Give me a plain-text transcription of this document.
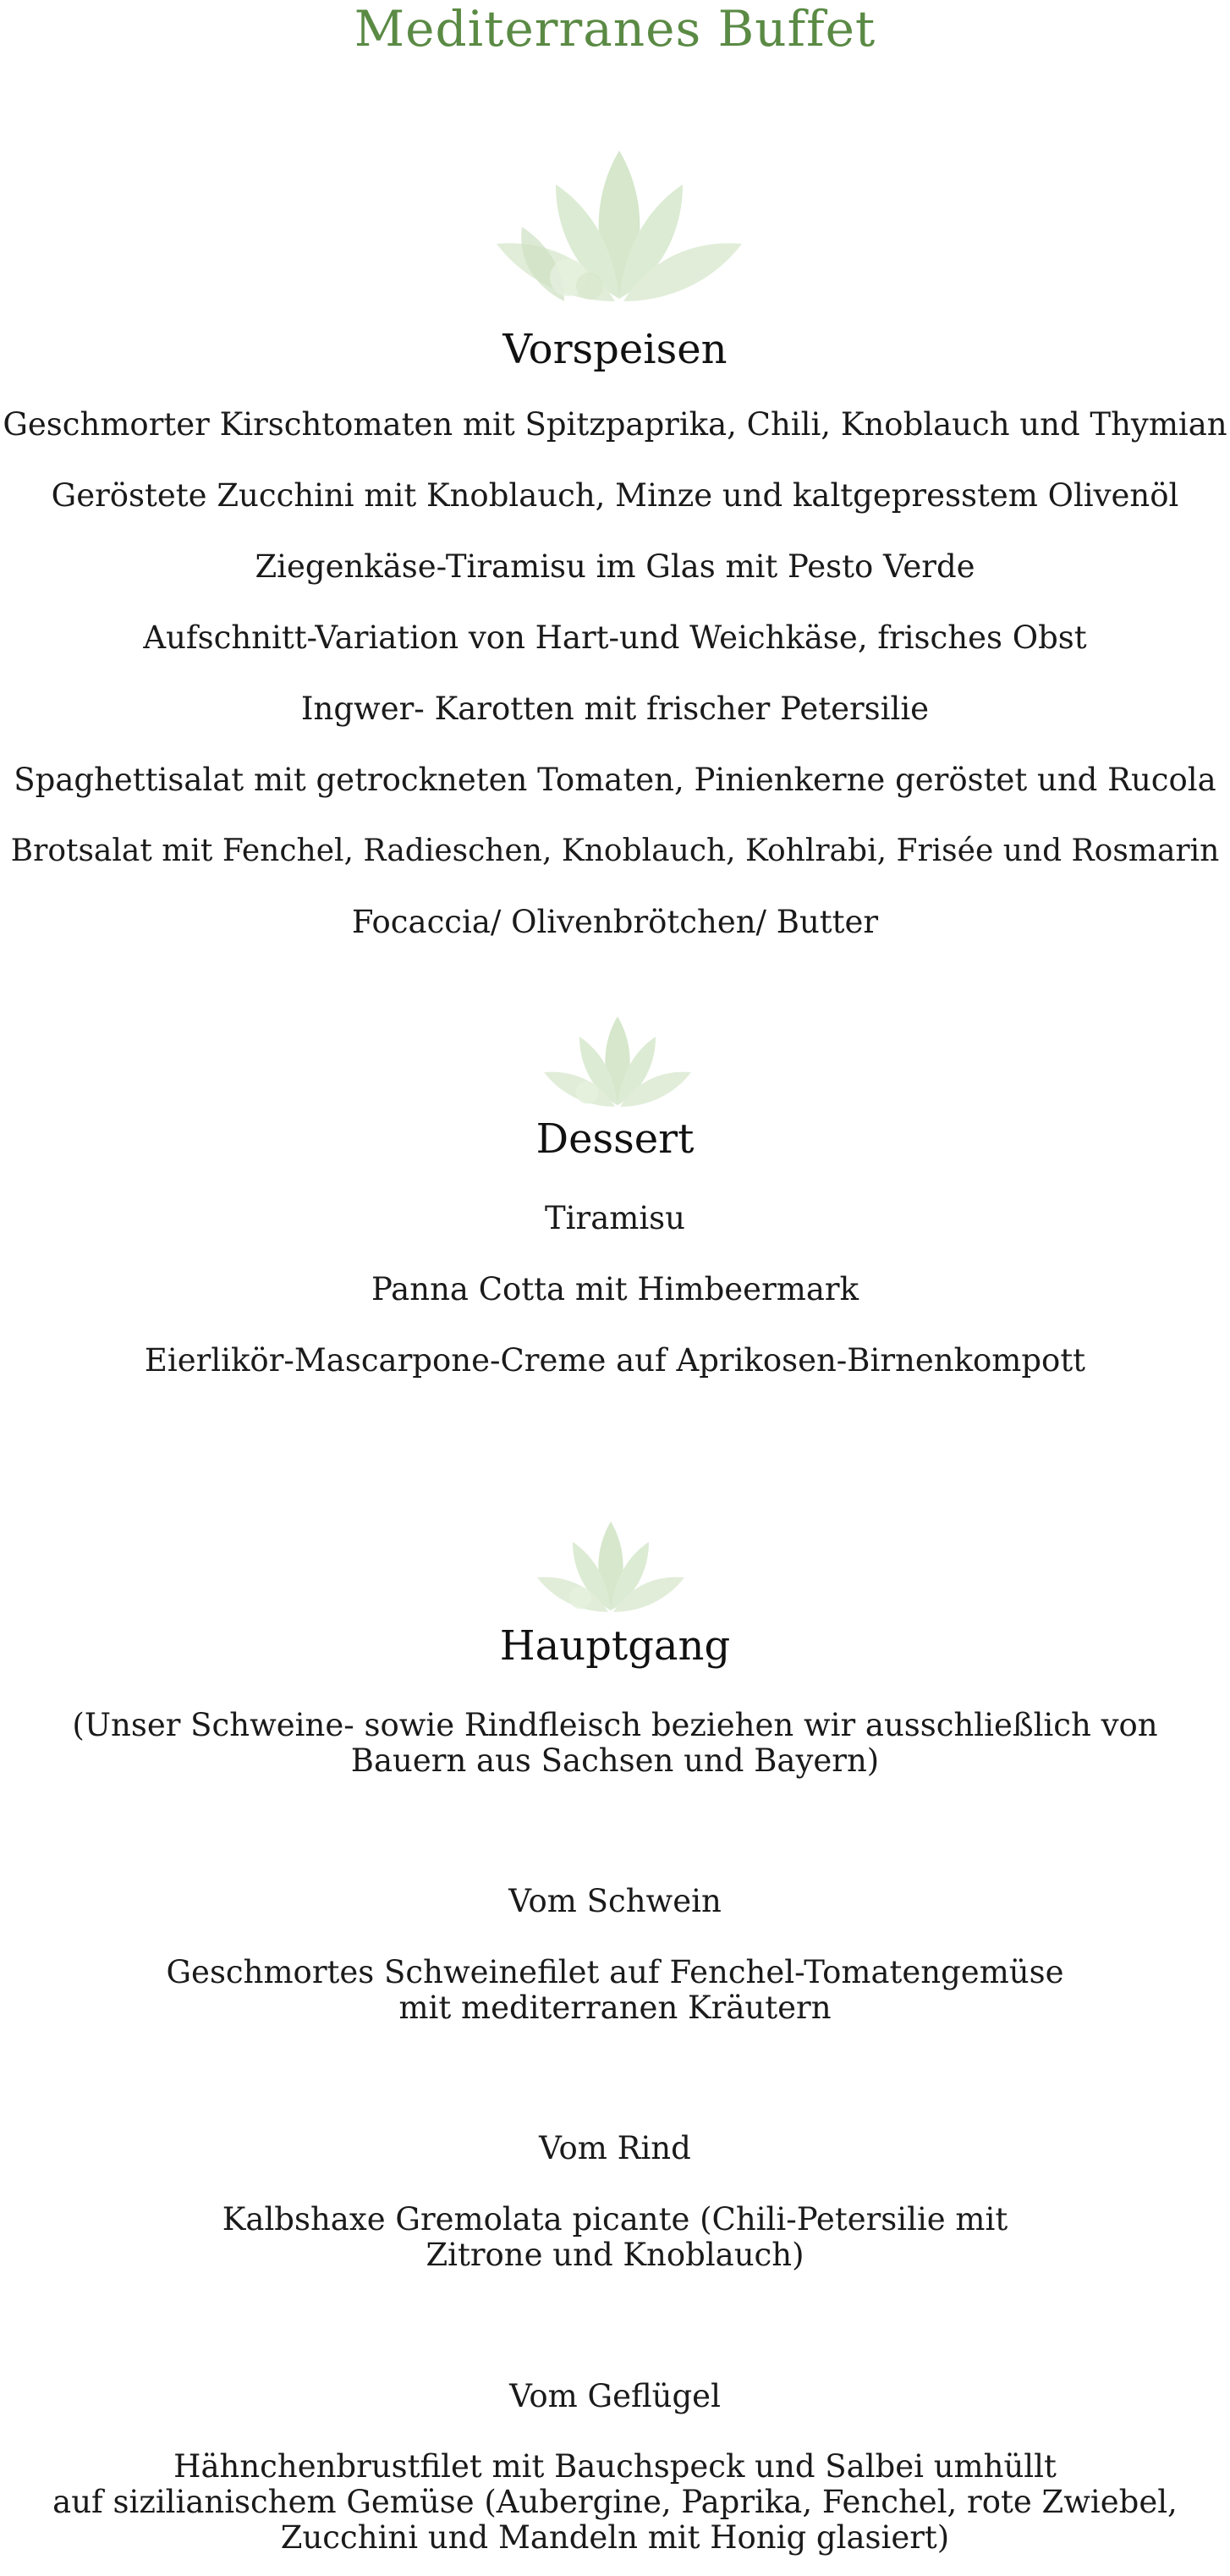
Mediterranes Buffet
Vorspeisen
Geschmorter Kirschtomaten mit Spitzpaprika, Chili, Knoblauch und Thymian
Geröstete Zucchini mit Knoblauch, Minze und kaltgepresstem Olivenöl
Ziegenkäse-Tiramisu im Glas mit Pesto Verde
Aufschnitt-Variation von Hart-und Weichkäse, frisches Obst
Ingwer- Karotten mit frischer Petersilie
Spaghettisalat mit getrockneten Tomaten, Pinienkerne geröstet und Rucola
Brotsalat mit Fenchel, Radieschen, Knoblauch, Kohlrabi, Frisée und Rosmarin
Focaccia/ Olivenbrötchen/ Butter
Dessert
Tiramisu
Panna Cotta mit Himbeermark
Eierlikör-Mascarpone-Creme auf Aprikosen-Birnenkompott
Hauptgang
(Unser Schweine- sowie Rindfleisch beziehen wir ausschließlich von
Bauern aus Sachsen und Bayern)
Vom Schwein
Geschmortes Schweinefilet auf Fenchel-Tomatengemüse
mit mediterranen Kräutern
Vom Rind
Kalbshaxe Gremolata picante (Chili-Petersilie mit
Zitrone und Knoblauch)
Vom Geflügel
Hähnchenbrustfilet mit Bauchspeck und Salbei umhüllt
auf sizilianischem Gemüse (Aubergine, Paprika, Fenchel, rote Zwiebel,
Zucchini und Mandeln mit Honig glasiert)
